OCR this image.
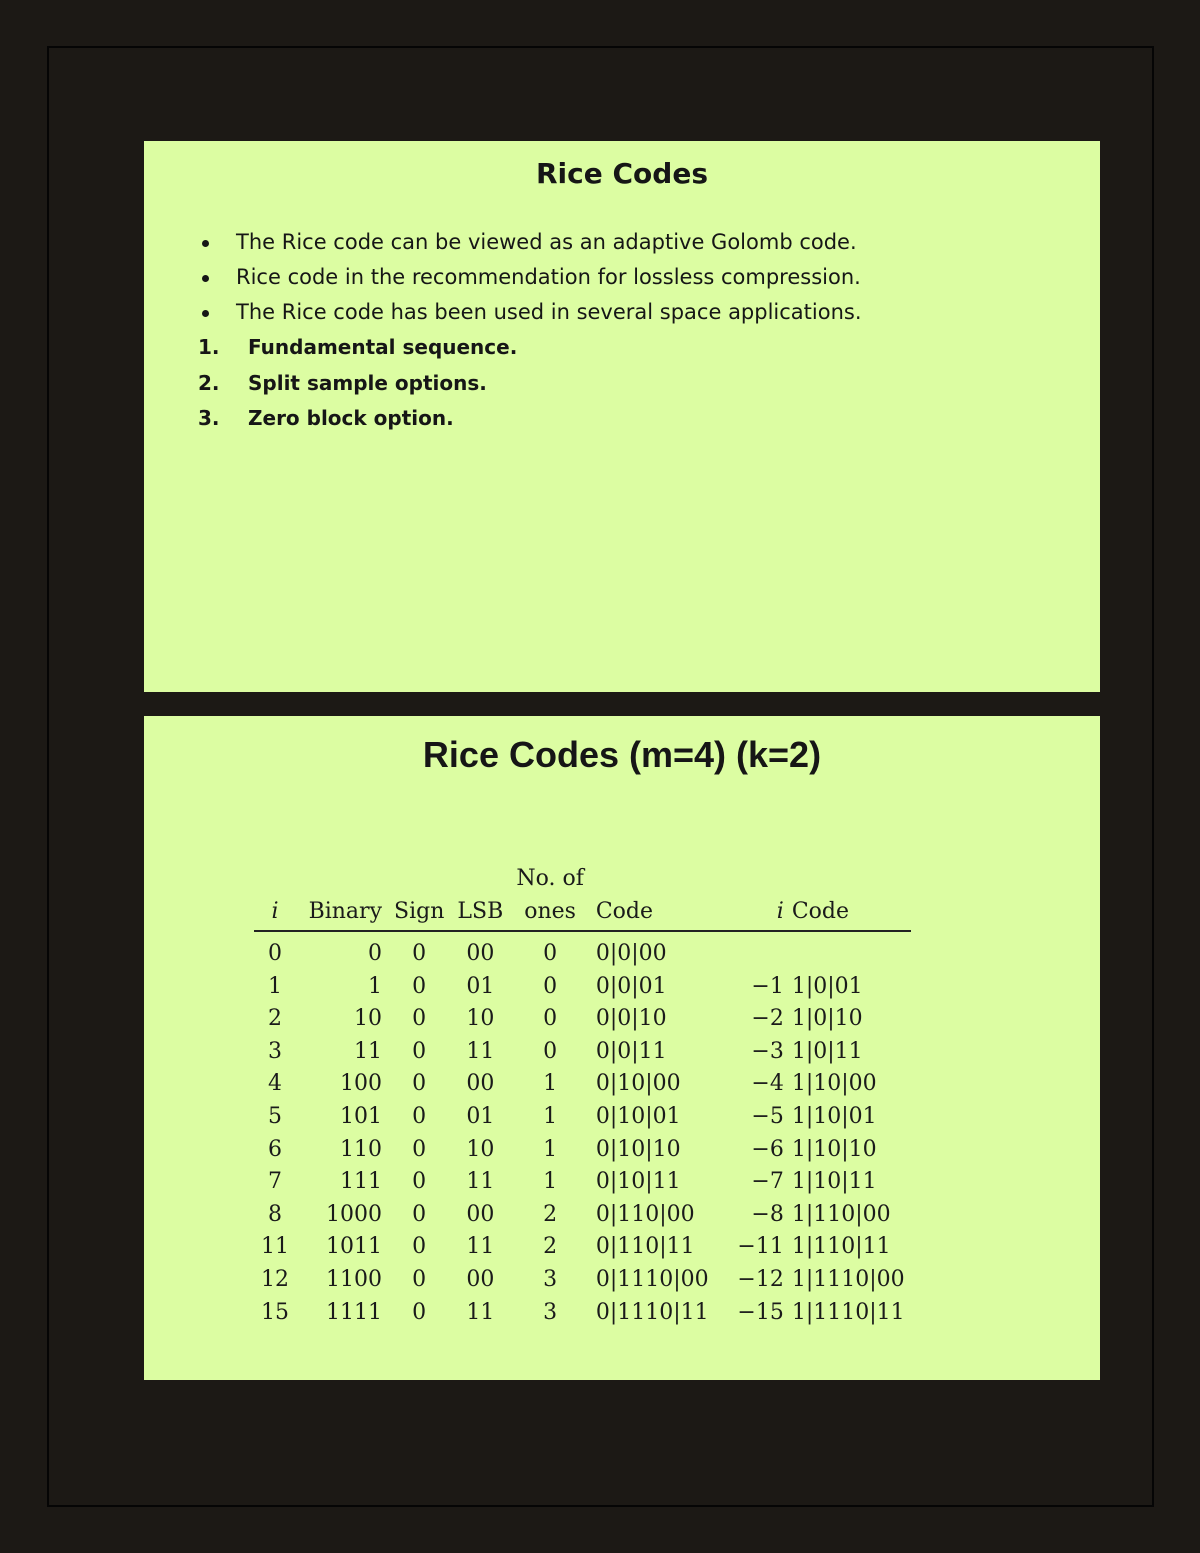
Rice Codes
The Rice code can be viewed as an adaptive Golomb code.
Rice code in the recommendation for lossless compression.
The Rice code has been used in several space applications.
1. Fundamental sequence.
2. Split sample options.
3. Zero block option.
Rice Codes (m=4) (k=2)
				No. of			
i	Binary	Sign	LSB	ones	Code	i	Code
0	0	0	00	0	0|0|00		
1	1	0	01	0	0|0|01	−1	1|0|01
2	10	0	10	0	0|0|10	−2	1|0|10
3	11	0	11	0	0|0|11	−3	1|0|11
4	100	0	00	1	0|10|00	−4	1|10|00
5	101	0	01	1	0|10|01	−5	1|10|01
6	110	0	10	1	0|10|10	−6	1|10|10
7	111	0	11	1	0|10|11	−7	1|10|11
8	1000	0	00	2	0|110|00	−8	1|110|00
11	1011	0	11	2	0|110|11	−11	1|110|11
12	1100	0	00	3	0|1110|00	−12	1|1110|00
15	1111	0	11	3	0|1110|11	−15	1|1110|11
